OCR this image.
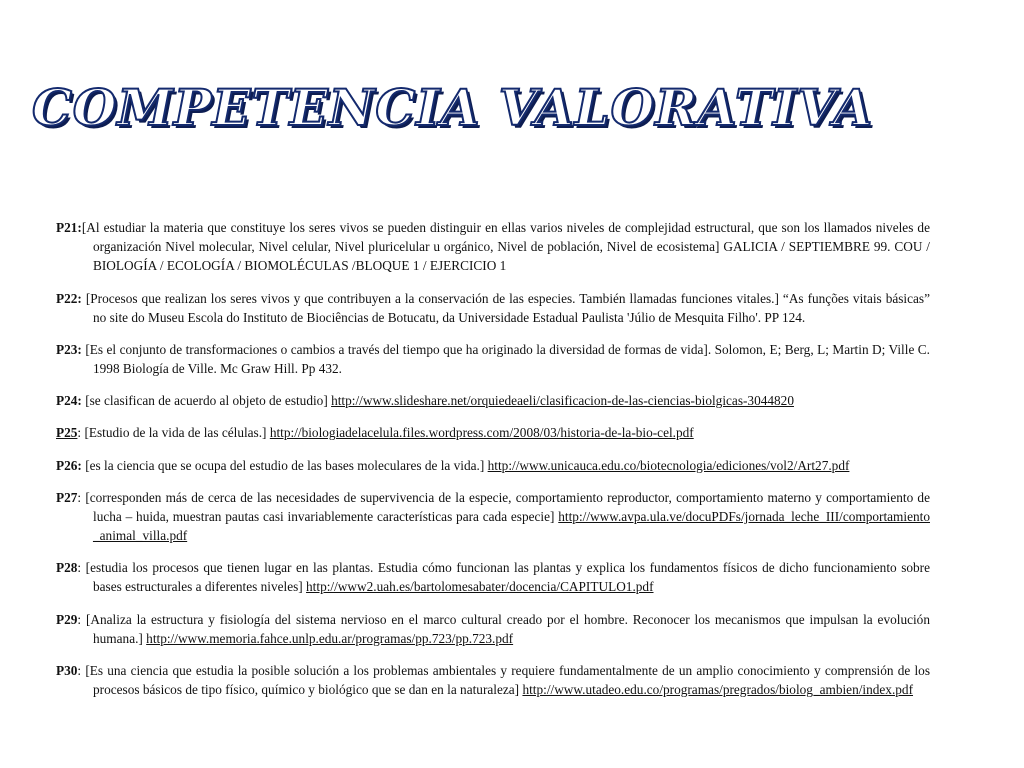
COMPETENCIA VALORATIVA

P21:[Al estudiar la materia que constituye los seres vivos se pueden distinguir en ellas varios niveles de complejidad estructural, que son los llamados niveles de organización Nivel molecular, Nivel celular, Nivel pluricelular u orgánico, Nivel de población, Nivel de ecosistema] GALICIA / SEPTIEMBRE 99. COU / BIOLOGÍA / ECOLOGÍA / BIOMOLÉCULAS /BLOQUE 1 / EJERCICIO 1

P22: [Procesos que realizan los seres vivos y que contribuyen a la conservación de las especies. También llamadas funciones vitales.] “As funções vitais básicas” no site do Museu Escola do Instituto de Biociências de Botucatu, da Universidade Estadual Paulista 'Júlio de Mesquita Filho'. PP 124.

P23: [Es el conjunto de transformaciones o cambios a través del tiempo que ha originado la diversidad de formas de vida]. Solomon, E; Berg, L; Martin D; Ville C. 1998 Biología de Ville. Mc Graw Hill. Pp 432.

P24: [se clasifican de acuerdo al objeto de estudio] http://www.slideshare.net/orquiedeaeli/clasificacion-de-las-ciencias-biolgicas-3044820

P25: [Estudio de la vida de las células.] http://biologiadelacelula.files.wordpress.com/2008/03/historia-de-la-bio-cel.pdf

P26: [es la ciencia que se ocupa del estudio de las bases moleculares de la vida.] http://www.unicauca.edu.co/biotecnologia/ediciones/vol2/Art27.pdf

P27: [corresponden más de cerca de las necesidades de supervivencia de la especie, comportamiento reproductor, comportamiento materno y comportamiento de lucha – huida, muestran pautas casi invariablemente características para cada especie] http://www.avpa.ula.ve/docuPDFs/jornada_leche_III/comportamiento_animal_villa.pdf

P28: [estudia los procesos que tienen lugar en las plantas. Estudia cómo funcionan las plantas y explica los fundamentos físicos de dicho funcionamiento sobre bases estructurales a diferentes niveles] http://www2.uah.es/bartolomesabater/docencia/CAPITULO1.pdf

P29: [Analiza la estructura y fisiología del sistema nervioso en el marco cultural creado por el hombre. Reconocer los mecanismos que impulsan la evolución humana.] http://www.memoria.fahce.unlp.edu.ar/programas/pp.723/pp.723.pdf

P30: [Es una ciencia que estudia la posible solución a los problemas ambientales y requiere fundamentalmente de un amplio conocimiento y comprensión de los procesos básicos de tipo físico, químico y biológico que se dan en la naturaleza] http://www.utadeo.edu.co/programas/pregrados/biolog_ambien/index.pdf
